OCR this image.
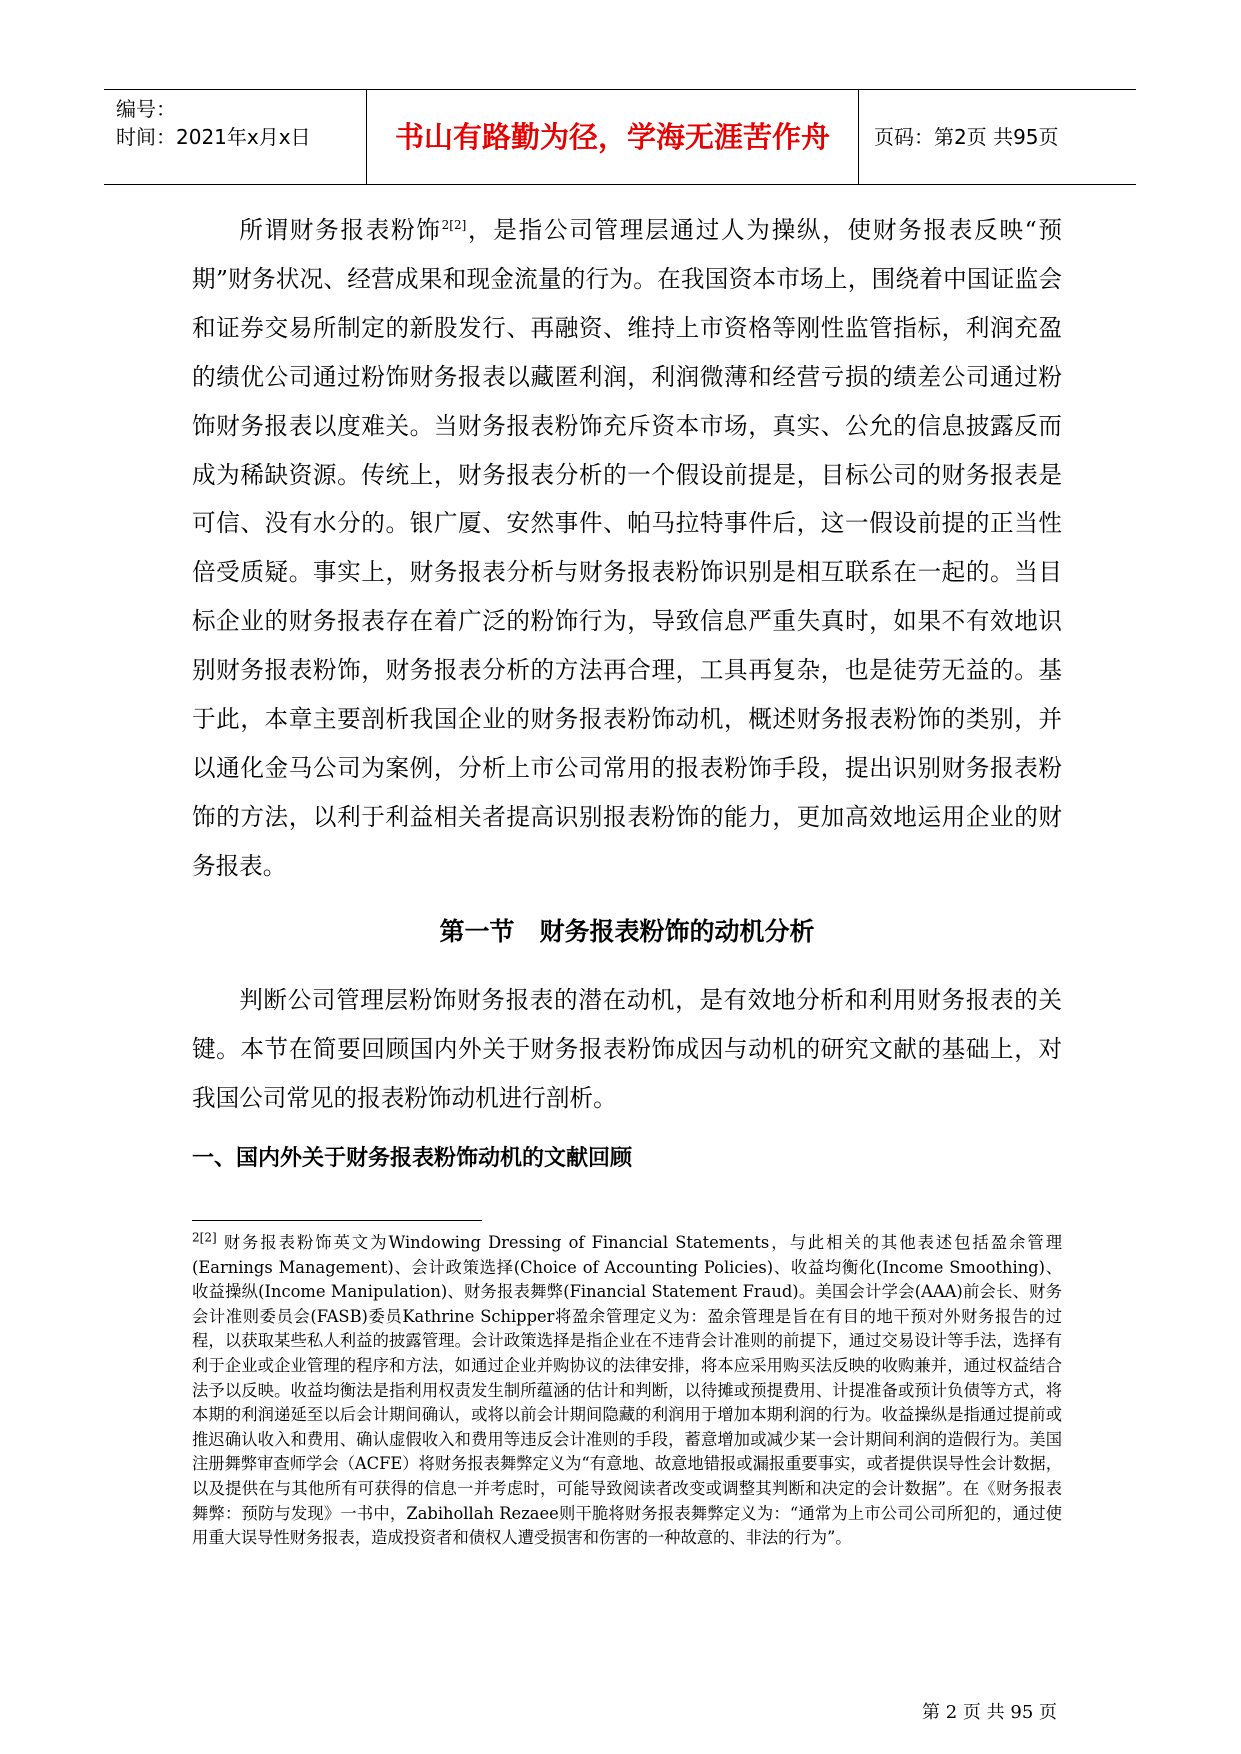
编号：
时间：2021年x月x日	书山有路勤为径，学海无涯苦作舟	页码：第2页 共95页

所谓财务报表粉饰$^{2[2]}$，是指公司管理层通过人为操纵，使财务报表反映“预期”财务状况、经营成果和现金流量的行为。在我国资本市场上，围绕着中国证监会和证券交易所制定的新股发行、再融资、维持上市资格等刚性监管指标，利润充盈的绩优公司通过粉饰财务报表以藏匿利润，利润微薄和经营亏损的绩差公司通过粉饰财务报表以度难关。当财务报表粉饰充斥资本市场，真实、公允的信息披露反而成为稀缺资源。传统上，财务报表分析的一个假设前提是，目标公司的财务报表是可信、没有水分的。银广厦、安然事件、帕马拉特事件后，这一假设前提的正当性倍受质疑。事实上，财务报表分析与财务报表粉饰识别是相互联系在一起的。当目标企业的财务报表存在着广泛的粉饰行为，导致信息严重失真时，如果不有效地识别财务报表粉饰，财务报表分析的方法再合理，工具再复杂，也是徒劳无益的。基于此，本章主要剖析我国企业的财务报表粉饰动机，概述财务报表粉饰的类别，并以通化金马公司为案例，分析上市公司常用的报表粉饰手段，提出识别财务报表粉饰的方法，以利于利益相关者提高识别报表粉饰的能力，更加高效地运用企业的财务报表。

第一节　财务报表粉饰的动机分析

判断公司管理层粉饰财务报表的潜在动机，是有效地分析和利用财务报表的关键。本节在简要回顾国内外关于财务报表粉饰成因与动机的研究文献的基础上，对我国公司常见的报表粉饰动机进行剖析。

一、国内外关于财务报表粉饰动机的文献回顾
$^{2[2]}$ 财务报表粉饰英文为Windowing Dressing of Financial Statements，与此相关的其他表述包括盈余管理(Earnings Management)、会计政策选择(Choice of Accounting Policies)、收益均衡化(Income Smoothing)、收益操纵(Income Manipulation)、财务报表舞弊(Financial Statement Fraud)。美国会计学会(AAA)前会长、财务会计准则委员会(FASB)委员Kathrine Schipper将盈余管理定义为：盈余管理是旨在有目的地干预对外财务报告的过程，以获取某些私人利益的披露管理。会计政策选择是指企业在不违背会计准则的前提下，通过交易设计等手法，选择有利于企业或企业管理的程序和方法，如通过企业并购协议的法律安排，将本应采用购买法反映的收购兼并，通过权益结合法予以反映。收益均衡法是指利用权责发生制所蕴涵的估计和判断，以待摊或预提费用、计提准备或预计负债等方式，将本期的利润递延至以后会计期间确认，或将以前会计期间隐藏的利润用于增加本期利润的行为。收益操纵是指通过提前或推迟确认收入和费用、确认虚假收入和费用等违反会计准则的手段，蓄意增加或减少某一会计期间利润的造假行为。美国注册舞弊审查师学会（ACFE）将财务报表舞弊定义为“有意地、故意地错报或漏报重要事实，或者提供误导性会计数据，以及提供在与其他所有可获得的信息一并考虑时，可能导致阅读者改变或调整其判断和决定的会计数据”。在《财务报表舞弊：预防与发现》一书中，Zabihollah Rezaee则干脆将财务报表舞弊定义为：“通常为上市公司公司所犯的，通过使用重大误导性财务报表，造成投资者和债权人遭受损害和伤害的一种故意的、非法的行为”。
第 2 页 共 95 页
